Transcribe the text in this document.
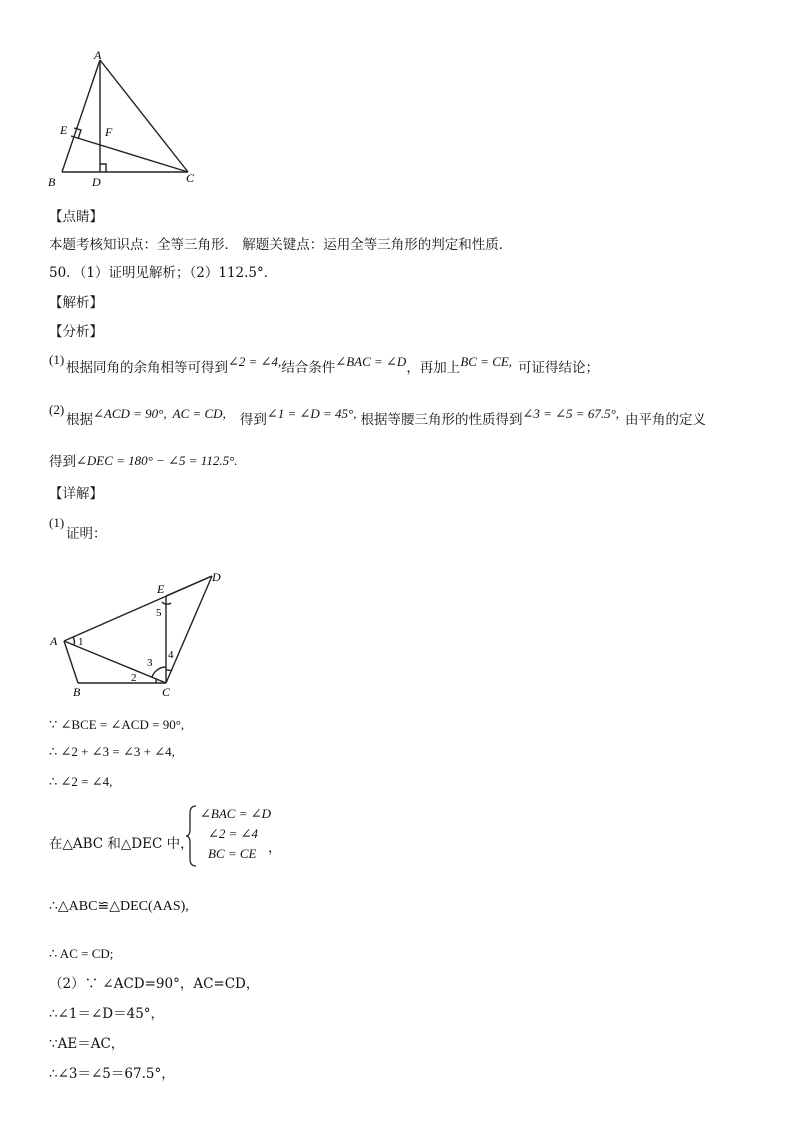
A
E	F
B	D	C
【点睛】
本题考核知识点：全等三角形． 解题关键点：运用全等三角形的判定和性质．
50．（1）证明见解析；（2）112.5°．
【解析】
【分析】
(1)
根据同角的余角相等可得到∠2 = ∠4,结合条件∠BAC = ∠D，再加上BC = CE, 可证得结论；
(2)
根据∠ACD = 90°, AC = CD, 得到∠1 = ∠D = 45°, 根据等腰三角形的性质得到∠3 = ∠5 = 67.5°, 由平角的定义
得到∠DEC = 180° − ∠5 = 112.5°.
【详解】
(1)
证明：
E
D
A 1
5
3
4
2
B	C
∵ ∠BCE = ∠ACD = 90°,
∴ ∠2 + ∠3 = ∠3 + ∠4,
∴ ∠2 = ∠4,
在△ABC 和△DEC 中，
∠BAC = ∠D
∠2 = ∠4
BC = CE ，
∴△ABC≌△DEC(AAS),
∴ AC = CD;
（2）∵ ∠ACD=90°，AC=CD，
∴∠1＝∠D＝45°，
∵AE＝AC，
∴∠3＝∠5＝67.5°，
